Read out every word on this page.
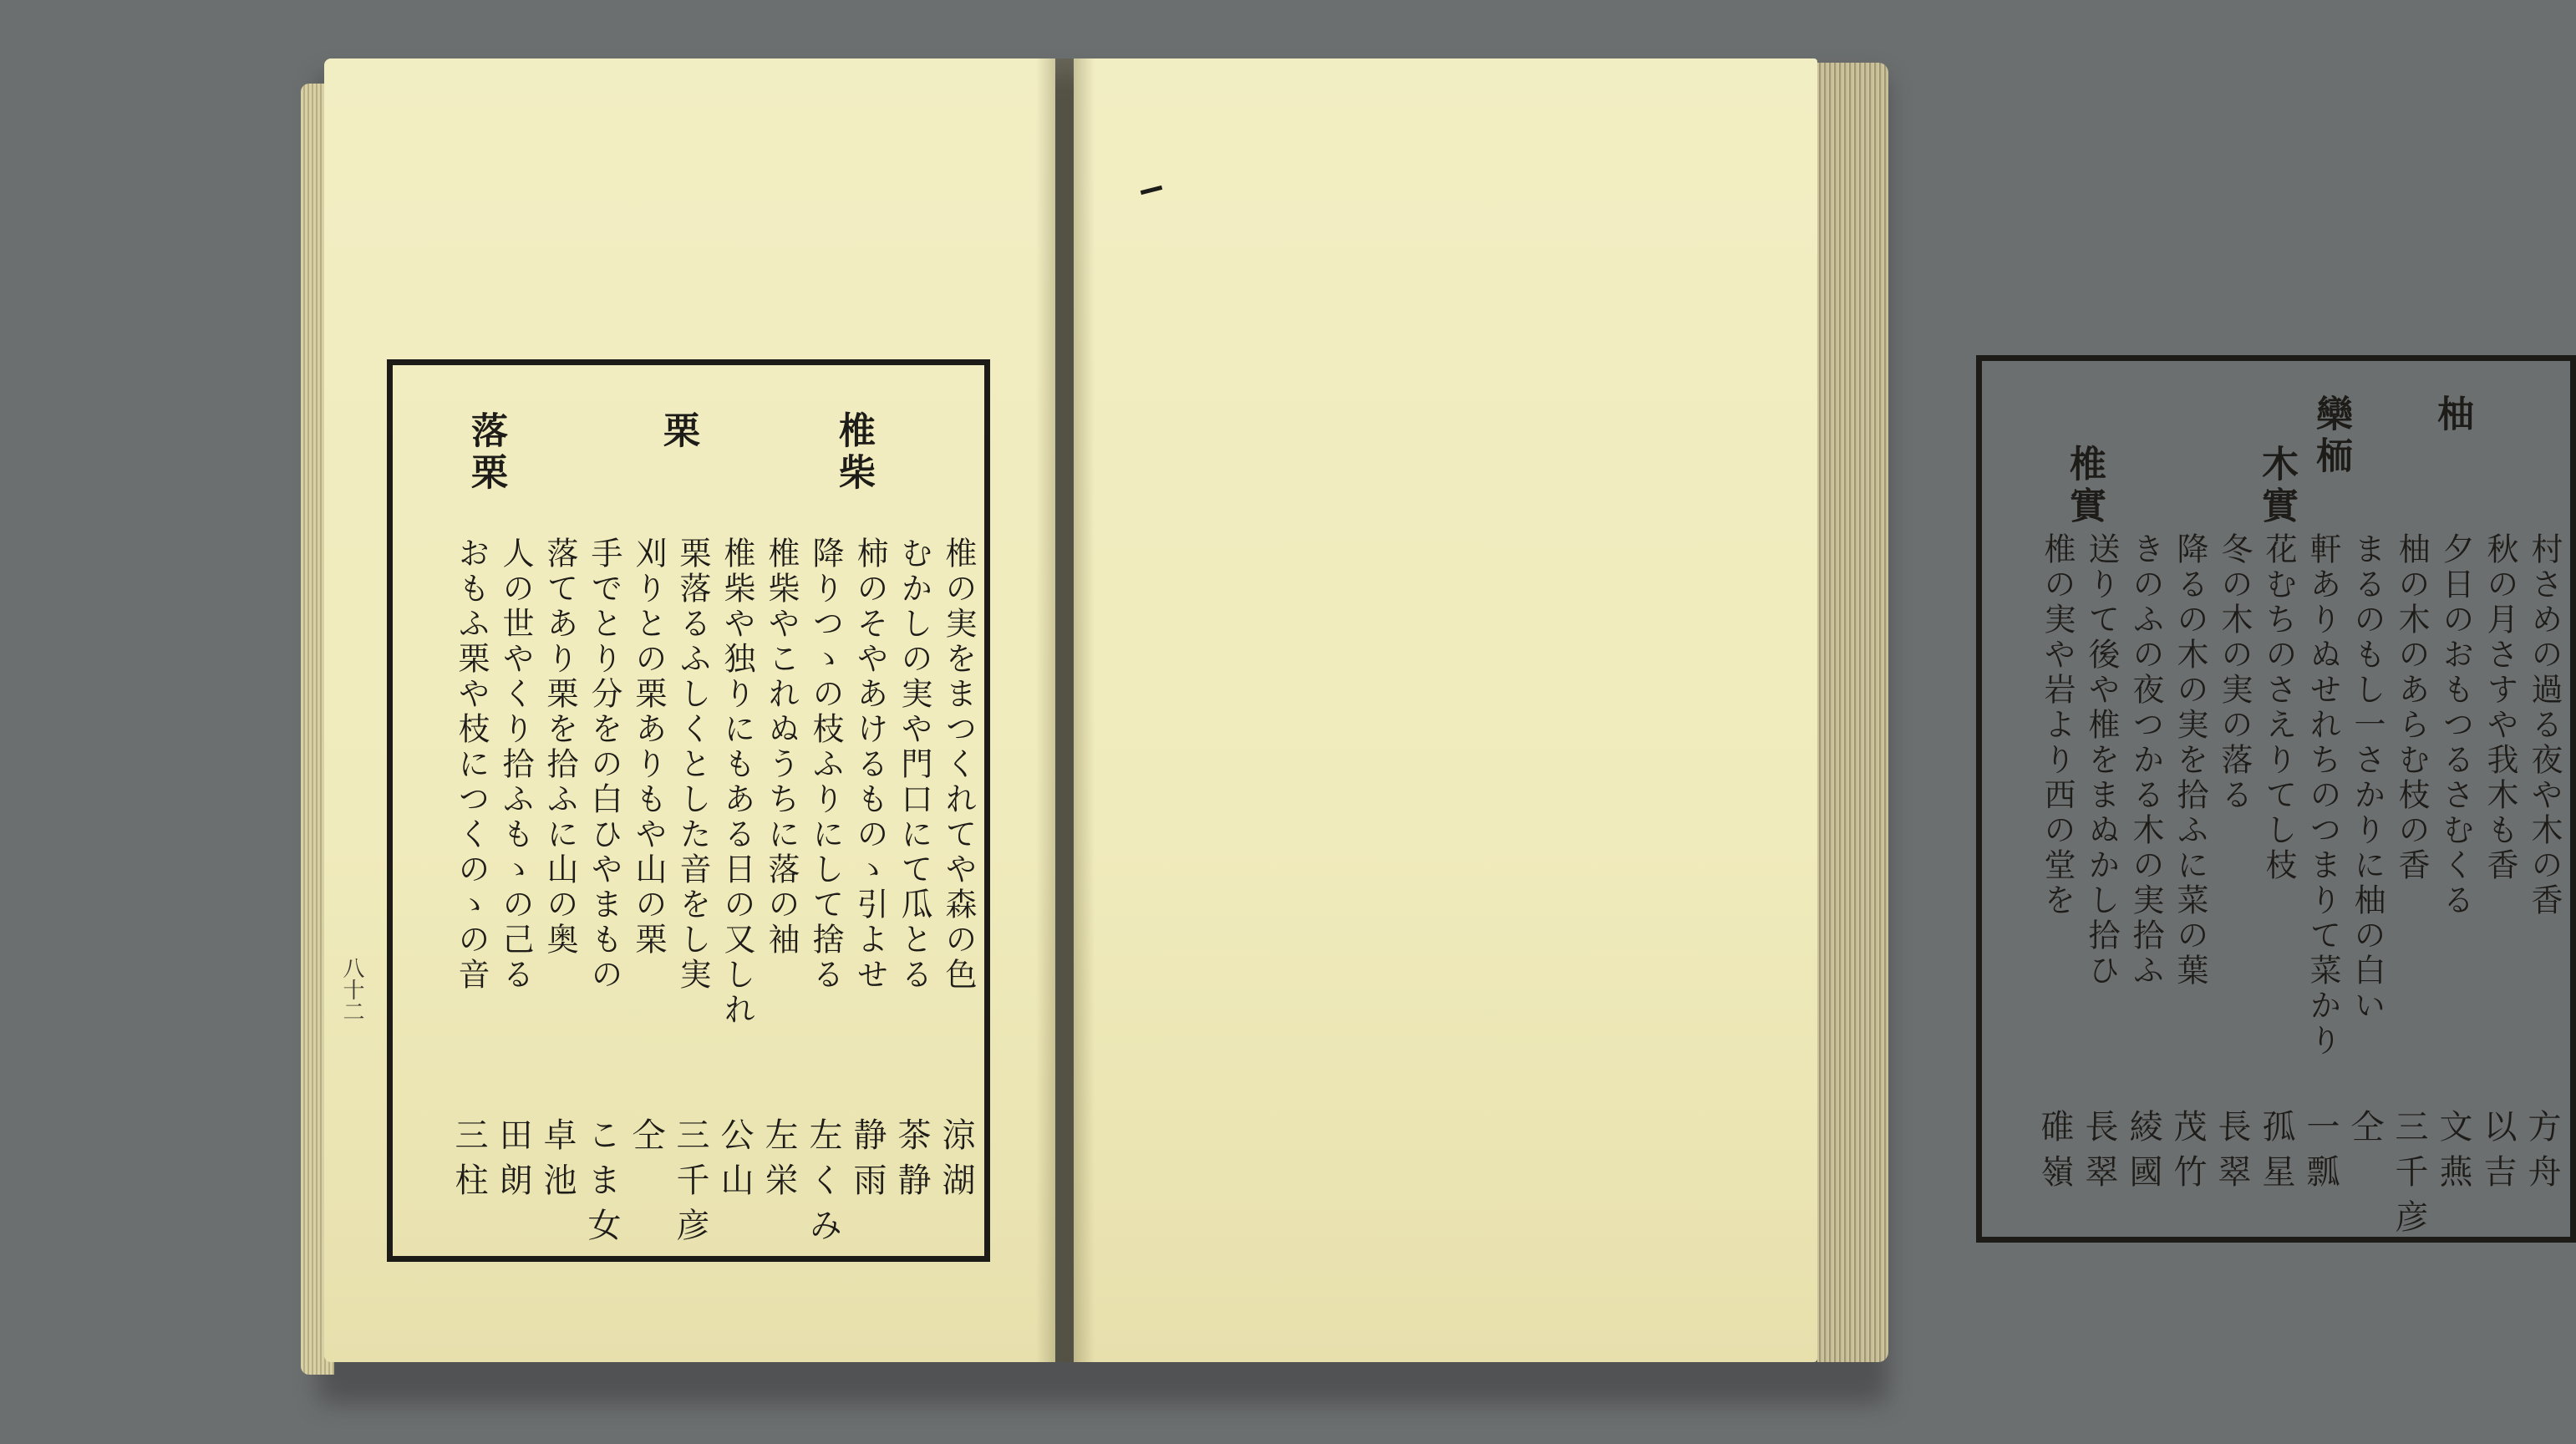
椎柴
栗
落栗
椎の実をまつくれてや森の色
むかしの実や門口にて瓜とる
柿のそやあけるものゝ引よせ
降りつゝの枝ふりにして捨る
椎柴やこれぬうちに落の袖
椎柴や独りにもある日の又しれ
栗落るふしくとした音をし実
刈りとの栗ありもや山の栗
手でとり分をの白ひやまもの
落てあり栗を拾ふに山の奥
人の世やくり拾ふもゝの己る
おもふ栗や枝につくのゝの音
涼湖
茶静
静雨
左くみ
左栄
公山
三千彦
仝
こま女
卓池
田朗
三柱
八十二
柚
欒栭
木實
椎實
村さめの過る夜や木の香
秋の月さすや我木も香
夕日のおもつるさむくる
柚の木のあらむ枝の香
まるのもし一さかりに柚の白い
軒ありぬせれちのつまりて菜かり
花むちのさえりてし枝
冬の木の実の落る
降るの木の実を拾ふに菜の葉
きのふの夜つかる木の実拾ふ
送りて後や椎をまぬかし拾ひ
椎の実や岩より西の堂を
方舟
以吉
文燕
三千彦
仝
一瓢
孤星
長翠
茂竹
綾國
長翠
碓嶺
